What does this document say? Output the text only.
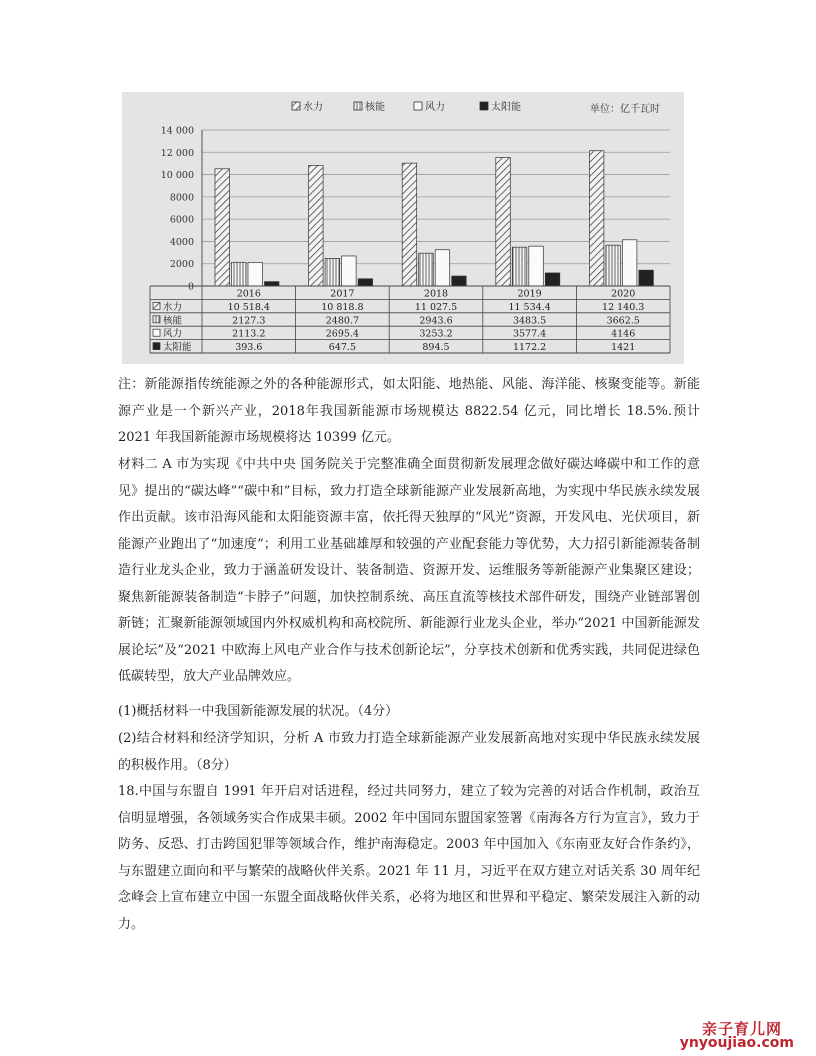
水力	核能	风力	太阳能	单位：亿千瓦时
14 000
12 000
10 000
8000
6000
4000
2000
0
2016	2017	2018	2019	2020
水力	10 518.4	10 818.8	11 027.5	11 534.4	12 140.3
核能	2127.3	2480.7	2943.6	3483.5	3662.5
风力	2113.2	2695.4	3253.2	3577.4	4146
太阳能	393.6	647.5	894.5	1172.2	1421

注：新能源指传统能源之外的各种能源形式，如太阳能、地热能、风能、海洋能、核聚变能等。新能源产业是一个新兴产业，2018年我国新能源市场规模达 8822.54 亿元，同比增长 18.5%.预计 2021 年我国新能源市场规模将达 10399 亿元。

材料二 A 市为实现《中共中央 国务院关于完整准确全面贯彻新发展理念做好碳达峰碳中和工作的意见》提出的“碳达峰”“碳中和”目标，致力打造全球新能源产业发展新高地，为实现中华民族永续发展作出贡献。该市沿海风能和太阳能资源丰富，依托得天独厚的“风光”资源，开发风电、光伏项目，新能源产业跑出了“加速度”；利用工业基础雄厚和较强的产业配套能力等优势，大力招引新能源装备制造行业龙头企业，致力于涵盖研发设计、装备制造、资源开发、运维服务等新能源产业集聚区建设；聚焦新能源装备制造“卡脖子”问题，加快控制系统、高压直流等核技术部件研发，围绕产业链部署创新链；汇聚新能源领域国内外权威机构和高校院所、新能源行业龙头企业，举办“2021 中国新能源发展论坛”及“2021 中欧海上风电产业合作与技术创新论坛”，分享技术创新和优秀实践，共同促进绿色低碳转型，放大产业品牌效应。

(1)概括材料一中我国新能源发展的状况。（4分）

(2)结合材料和经济学知识，分析 A 市致力打造全球新能源产业发展新高地对实现中华民族永续发展的积极作用。（8分）

18.中国与东盟自 1991 年开启对话进程，经过共同努力，建立了较为完善的对话合作机制，政治互信明显增强，各领域务实合作成果丰硕。2002 年中国同东盟国家签署《南海各方行为宣言》，致力于防务、反恐、打击跨国犯罪等领域合作，维护南海稳定。2003 年中国加入《东南亚友好合作条约》，与东盟建立面向和平与繁荣的战略伙伴关系。2021 年 11 月，习近平在双方建立对话关系 30 周年纪念峰会上宣布建立中国一东盟全面战略伙伴关系，必将为地区和世界和平稳定、繁荣发展注入新的动力。

亲子育儿网
ynyoujiao.com
